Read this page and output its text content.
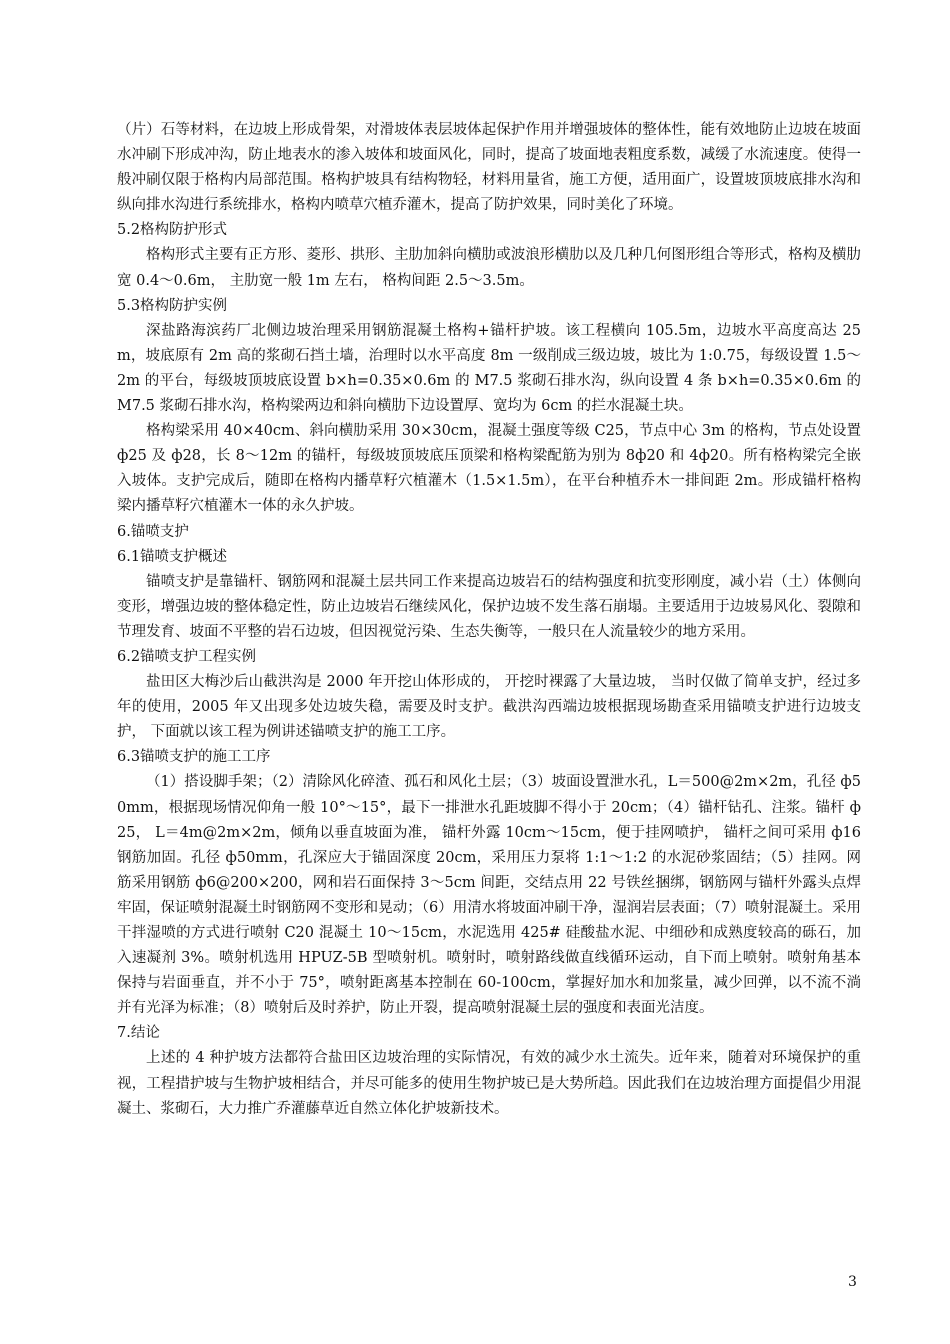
（片）石等材料，在边坡上形成骨架，对滑坡体表层坡体起保护作用并增强坡体的整体性，能有效地防止边坡在坡面水冲刷下形成冲沟，防止地表水的渗入坡体和坡面风化，同时，提高了坡面地表粗度系数，减缓了水流速度。使得一般冲刷仅限于格构内局部范围。格构护坡具有结构物轻，材料用量省，施工方便，适用面广，设置坡顶坡底排水沟和纵向排水沟进行系统排水，格构内喷草穴植乔灌木，提高了防护效果，同时美化了环境。

5.2格构防护形式

格构形式主要有正方形、菱形、拱形、主肋加斜向横肋或波浪形横肋以及几种几何图形组合等形式，格构及横肋宽 0.4～0.6m， 主肋宽一般 1m 左右， 格构间距 2.5～3.5m。

5.3格构防护实例

深盐路海滨药厂北侧边坡治理采用钢筋混凝土格构+锚杆护坡。该工程横向 105.5m，边坡水平高度高达 25m，坡底原有 2m 高的浆砌石挡土墙，治理时以水平高度 8m 一级削成三级边坡，坡比为 1:0.75，每级设置 1.5～2m 的平台，每级坡顶坡底设置 b×h=0.35×0.6m 的 M7.5 浆砌石排水沟，纵向设置 4 条 b×h=0.35×0.6m 的 M7.5 浆砌石排水沟，格构梁两边和斜向横肋下边设置厚、宽均为 6cm 的拦水混凝土块。

格构梁采用 40×40cm、斜向横肋采用 30×30cm，混凝土强度等级 C25，节点中心 3m 的格构，节点处设置 ф25 及 ф28，长 8～12m 的锚杆，每级坡顶坡底压顶梁和格构梁配筋为别为 8ф20 和 4ф20。所有格构梁完全嵌入坡体。支护完成后，随即在格构内播草籽穴植灌木（1.5×1.5m），在平台种植乔木一排间距 2m。形成锚杆格构梁内播草籽穴植灌木一体的永久护坡。

6.锚喷支护

6.1锚喷支护概述

锚喷支护是靠锚杆、钢筋网和混凝土层共同工作来提高边坡岩石的结构强度和抗变形刚度，减小岩（土）体侧向变形，增强边坡的整体稳定性，防止边坡岩石继续风化，保护边坡不发生落石崩塌。主要适用于边坡易风化、裂隙和节理发育、坡面不平整的岩石边坡，但因视觉污染、生态失衡等，一般只在人流量较少的地方采用。

6.2锚喷支护工程实例

盐田区大梅沙后山截洪沟是 2000 年开挖山体形成的， 开挖时裸露了大量边坡， 当时仅做了简单支护，经过多年的使用，2005 年又出现多处边坡失稳，需要及时支护。截洪沟西端边坡根据现场勘查采用锚喷支护进行边坡支护， 下面就以该工程为例讲述锚喷支护的施工工序。

6.3锚喷支护的施工工序

（1）搭设脚手架；（2）清除风化碎渣、孤石和风化土层；（3）坡面设置泄水孔，L＝500@2m×2m，孔径 ф50mm，根据现场情况仰角一般 10°～15°，最下一排泄水孔距坡脚不得小于 20cm；（4）锚杆钻孔、注浆。锚杆 ф25， L＝4m@2m×2m，倾角以垂直坡面为准， 锚杆外露 10cm～15cm，便于挂网喷护， 锚杆之间可采用 ф16 钢筋加固。孔径 ф50mm，孔深应大于锚固深度 20cm，采用压力泵将 1:1～1:2 的水泥砂浆固结；（5）挂网。网筋采用钢筋 ф6@200×200，网和岩石面保持 3～5cm 间距，交结点用 22 号铁丝捆绑，钢筋网与锚杆外露头点焊牢固，保证喷射混凝土时钢筋网不变形和晃动；（6）用清水将坡面冲刷干净，湿润岩层表面；（7）喷射混凝土。采用干拌湿喷的方式进行喷射 C20 混凝土 10～15cm，水泥选用 425# 硅酸盐水泥、中细砂和成熟度较高的砾石，加入速凝剂 3%。喷射机选用 HPUZ-5B 型喷射机。喷射时，喷射路线做直线循环运动，自下而上喷射。喷射角基本保持与岩面垂直，并不小于 75°，喷射距离基本控制在 60-100cm，掌握好加水和加浆量，减少回弹，以不流不淌并有光泽为标准；（8）喷射后及时养护，防止开裂，提高喷射混凝土层的强度和表面光洁度。

7.结论

上述的 4 种护坡方法都符合盐田区边坡治理的实际情况，有效的减少水土流失。近年来，随着对环境保护的重视，工程措护坡与生物护坡相结合，并尽可能多的使用生物护坡已是大势所趋。因此我们在边坡治理方面提倡少用混凝土、浆砌石，大力推广乔灌藤草近自然立体化护坡新技术。

3
